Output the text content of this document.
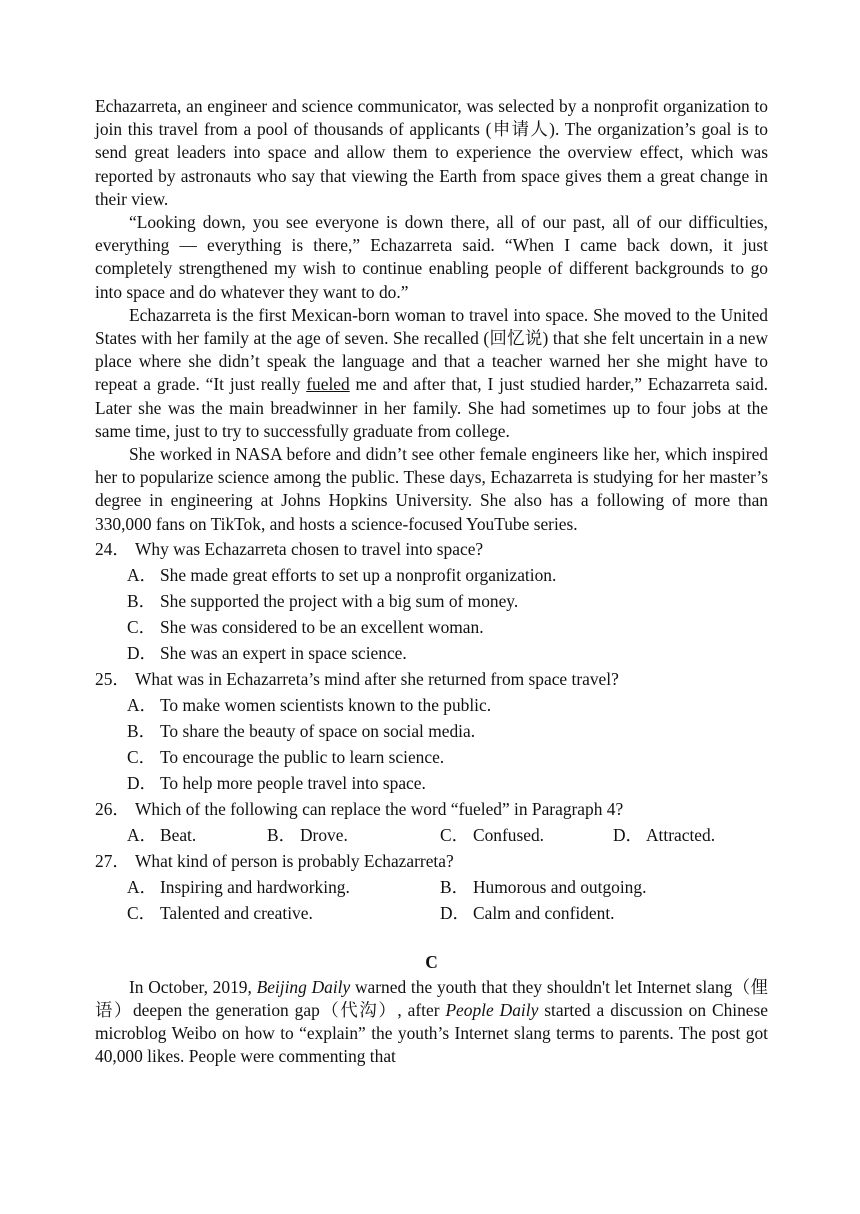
Echazarreta, an engineer and science communicator, was selected by a nonprofit organization to join this travel from a pool of thousands of applicants (申请人). The organization’s goal is to send great leaders into space and allow them to experience the overview effect, which was reported by astronauts who say that viewing the Earth from space gives them a great change in their view.

“Looking down, you see everyone is down there, all of our past, all of our difficulties, everything — everything is there,” Echazarreta said. “When I came back down, it just completely strengthened my wish to continue enabling people of different backgrounds to go into space and do whatever they want to do.”

Echazarreta is the first Mexican-born woman to travel into space. She moved to the United States with her family at the age of seven. She recalled (回忆说) that she felt uncertain in a new place where she didn’t speak the language and that a teacher warned her she might have to repeat a grade. “It just really fueled me and after that, I just studied harder,” Echazarreta said. Later she was the main breadwinner in her family. She had sometimes up to four jobs at the same time, just to try to successfully graduate from college.

She worked in NASA before and didn’t see other female engineers like her, which inspired her to popularize science among the public. These days, Echazarreta is studying for her master’s degree in engineering at Johns Hopkins University. She also has a following of more than 330,000 fans on TikTok, and hosts a science-focused YouTube series.

24． Why was Echazarreta chosen to travel into space?

A． She made great efforts to set up a nonprofit organization.

B． She supported the project with a big sum of money.

C． She was considered to be an excellent woman.

D． She was an expert in space science.

25． What was in Echazarreta’s mind after she returned from space travel?

A． To make women scientists known to the public.

B． To share the beauty of space on social media.

C． To encourage the public to learn science.

D． To help more people travel into space.

26． Which of the following can replace the word “fueled” in Paragraph 4?

A． Beat.	B． Drove.	C． Confused.	D． Attracted.

27． What kind of person is probably Echazarreta?

A． Inspiring and hardworking.	B． Humorous and outgoing.
C． Talented and creative.	D． Calm and confident.
C

In October, 2019, Beijing Daily warned the youth that they shouldn't let Internet slang（俚语）deepen the generation gap（代沟）, after People Daily started a discussion on Chinese microblog Weibo on how to “explain” the youth’s Internet slang terms to parents. The post got 40,000 likes. People were commenting that
